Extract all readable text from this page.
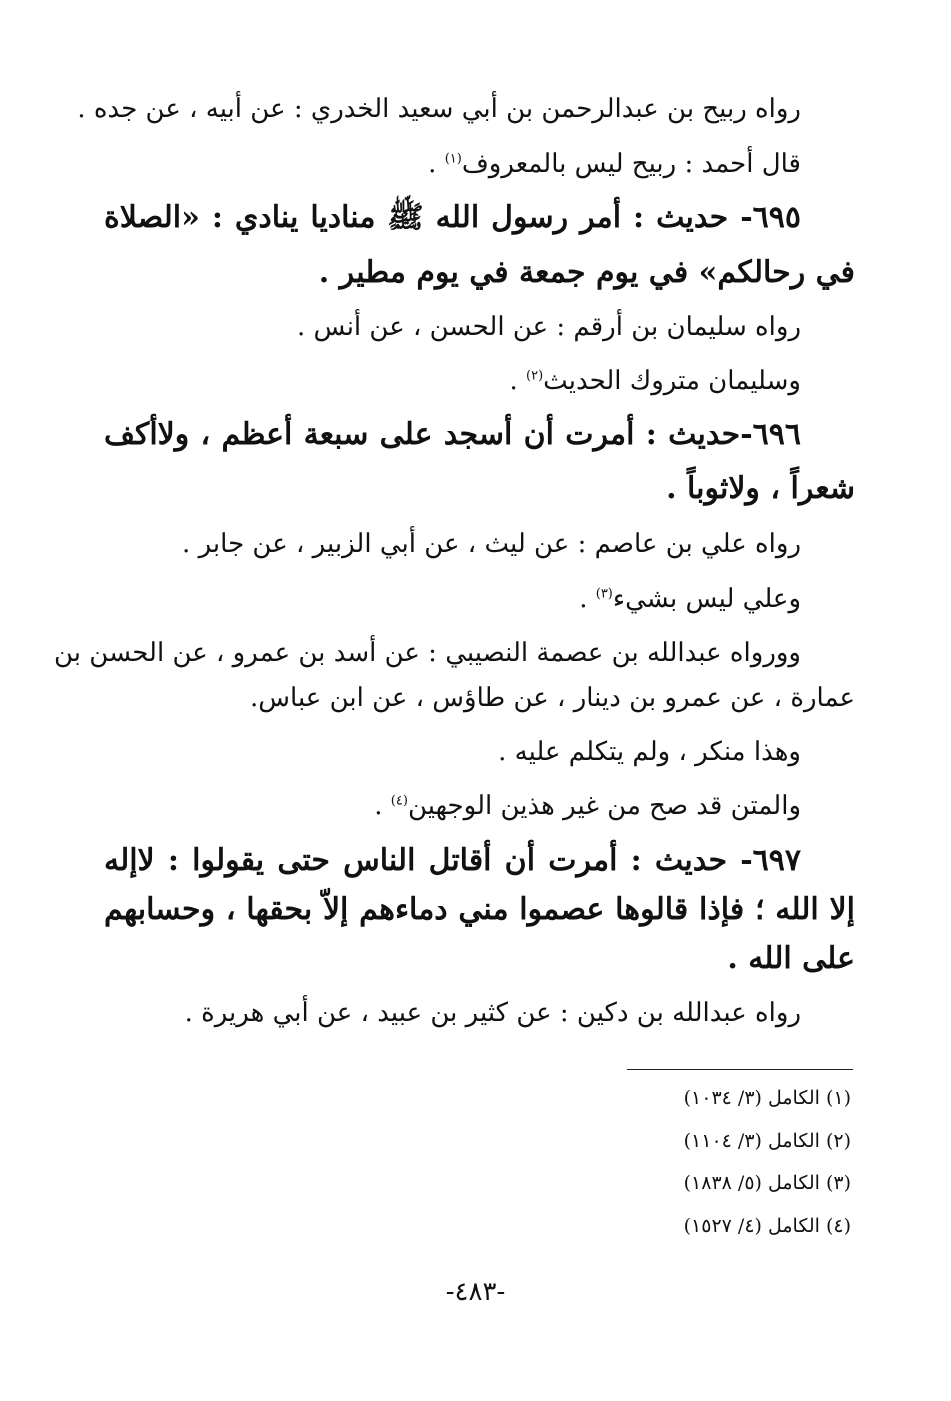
رواه ربيح بن عبدالرحمن بن أبي سعيد الخدري : عن أبيه ، عن جده .
قال أحمد : ربيح ليس بالمعروف$^{(١)}$ .
٦٩٥- حديث : أمر رسول الله ﷺ مناديا ينادي : «الصلاة
في رحالكم» في يوم جمعة في يوم مطير .
رواه سليمان بن أرقم : عن الحسن ، عن أنس .
وسليمان متروك الحديث$^{(٢)}$ .
٦٩٦-حديث : أمرت أن أسجد على سبعة أعظم ، ولاأكف
شعراً ، ولاثوباً .
رواه علي بن عاصم : عن ليث ، عن أبي الزبير ، عن جابر .
وعلي ليس بشيء$^{(٣)}$ .
وورواه عبدالله بن عصمة النصيبي : عن أسد بن عمرو ، عن الحسن بن
عمارة ، عن عمرو بن دينار ، عن طاؤس ، عن ابن عباس.
وهذا منكر ، ولم يتكلم عليه .
والمتن قد صح من غير هذين الوجهين$^{(٤)}$ .
٦٩٧- حديث : أمرت أن أقاتل الناس حتى يقولوا : لاإله
إلا الله ؛ فإذا قالوها عصموا مني دماءهم إلاّ بحقها ، وحسابهم
على الله .
رواه عبدالله بن دكين : عن كثير بن عبيد ، عن أبي هريرة .
(١) الكامل (٣/ ١٠٣٤)
(٢) الكامل (٣/ ١١٠٤)
(٣) الكامل (٥/ ١٨٣٨)
(٤) الكامل (٤/ ١٥٢٧)
-٤٨٣-
